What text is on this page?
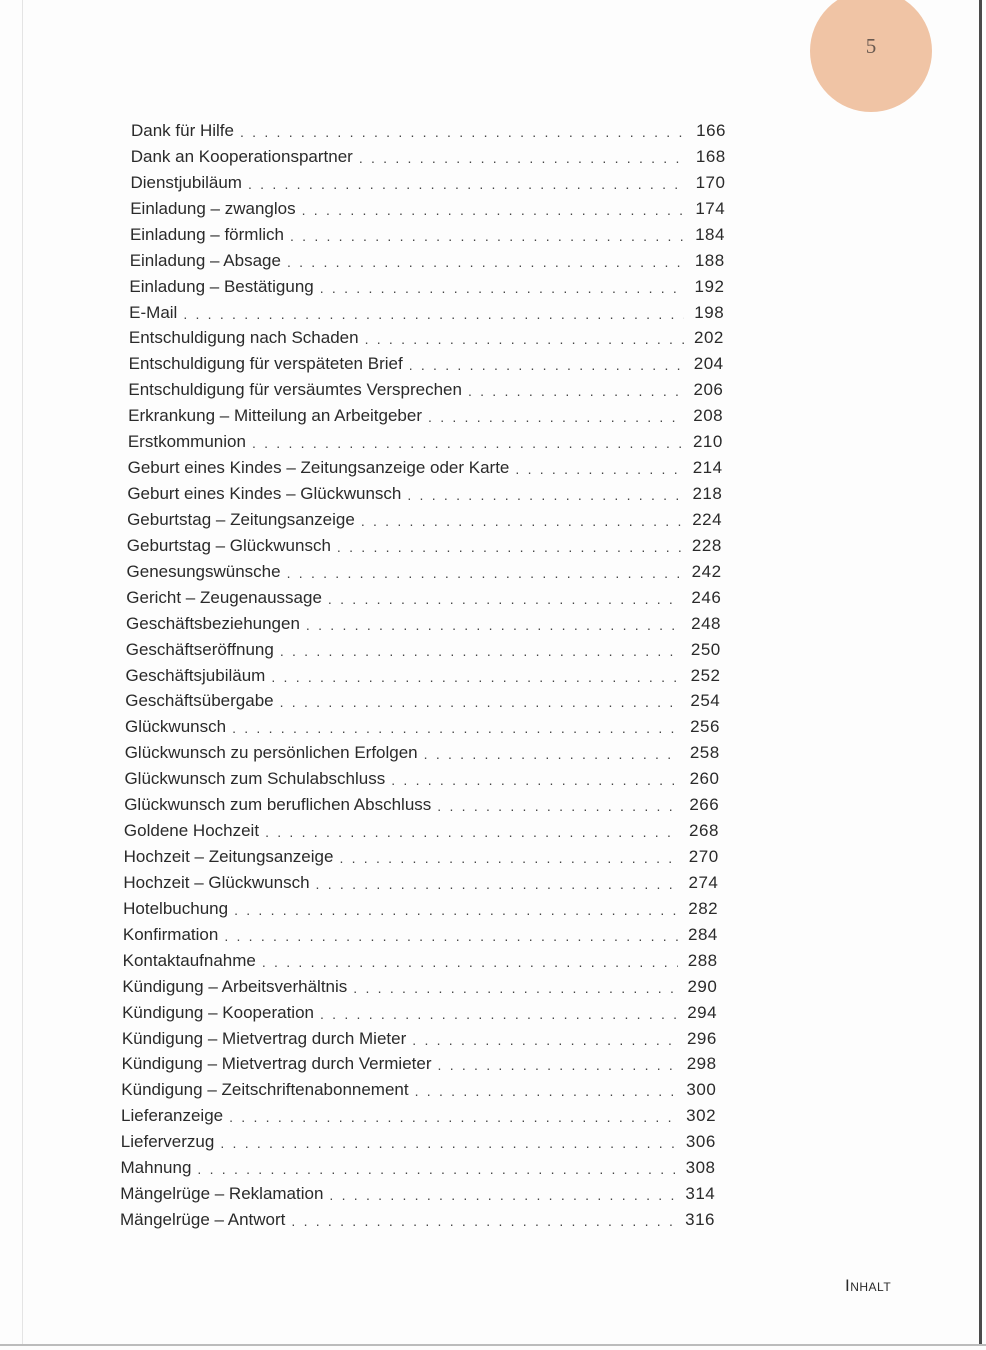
5
Dank für Hilfe . . .	166
Dank an Kooperationspartner . . .	168
Dienstjubiläum . . .	170
Einladung – zwanglos . . .	174
Einladung – förmlich . . .	184
Einladung – Absage . . .	188
Einladung – Bestätigung . . .	192
E-Mail . . .	198
Entschuldigung nach Schaden . . .	202
Entschuldigung für verspäteten Brief . . .	204
Entschuldigung für versäumtes Versprechen . . .	206
Erkrankung – Mitteilung an Arbeitgeber . . .	208
Erstkommunion . . .	210
Geburt eines Kindes – Zeitungsanzeige oder Karte . . .	214
Geburt eines Kindes – Glückwunsch . . .	218
Geburtstag – Zeitungsanzeige . . .	224
Geburtstag – Glückwunsch . . .	228
Genesungswünsche . . .	242
Gericht – Zeugenaussage . . .	246
Geschäftsbeziehungen . . .	248
Geschäftseröffnung . . .	250
Geschäftsjubiläum . . .	252
Geschäftsübergabe . . .	254
Glückwunsch . . .	256
Glückwunsch zu persönlichen Erfolgen . . .	258
Glückwunsch zum Schulabschluss . . .	260
Glückwunsch zum beruflichen Abschluss . . .	266
Goldene Hochzeit . . .	268
Hochzeit – Zeitungsanzeige . . .	270
Hochzeit – Glückwunsch . . .	274
Hotelbuchung . . .	282
Konfirmation . . .	284
Kontaktaufnahme . . .	288
Kündigung – Arbeitsverhältnis . . .	290
Kündigung – Kooperation . . .	294
Kündigung – Mietvertrag durch Mieter . . .	296
Kündigung – Mietvertrag durch Vermieter . . .	298
Kündigung – Zeitschriftenabonnement . . .	300
Lieferanzeige . . .	302
Lieferverzug . . .	306
Mahnung . . .	308
Mängelrüge – Reklamation . . .	314
Mängelrüge – Antwort . . .	316
Inhalt
